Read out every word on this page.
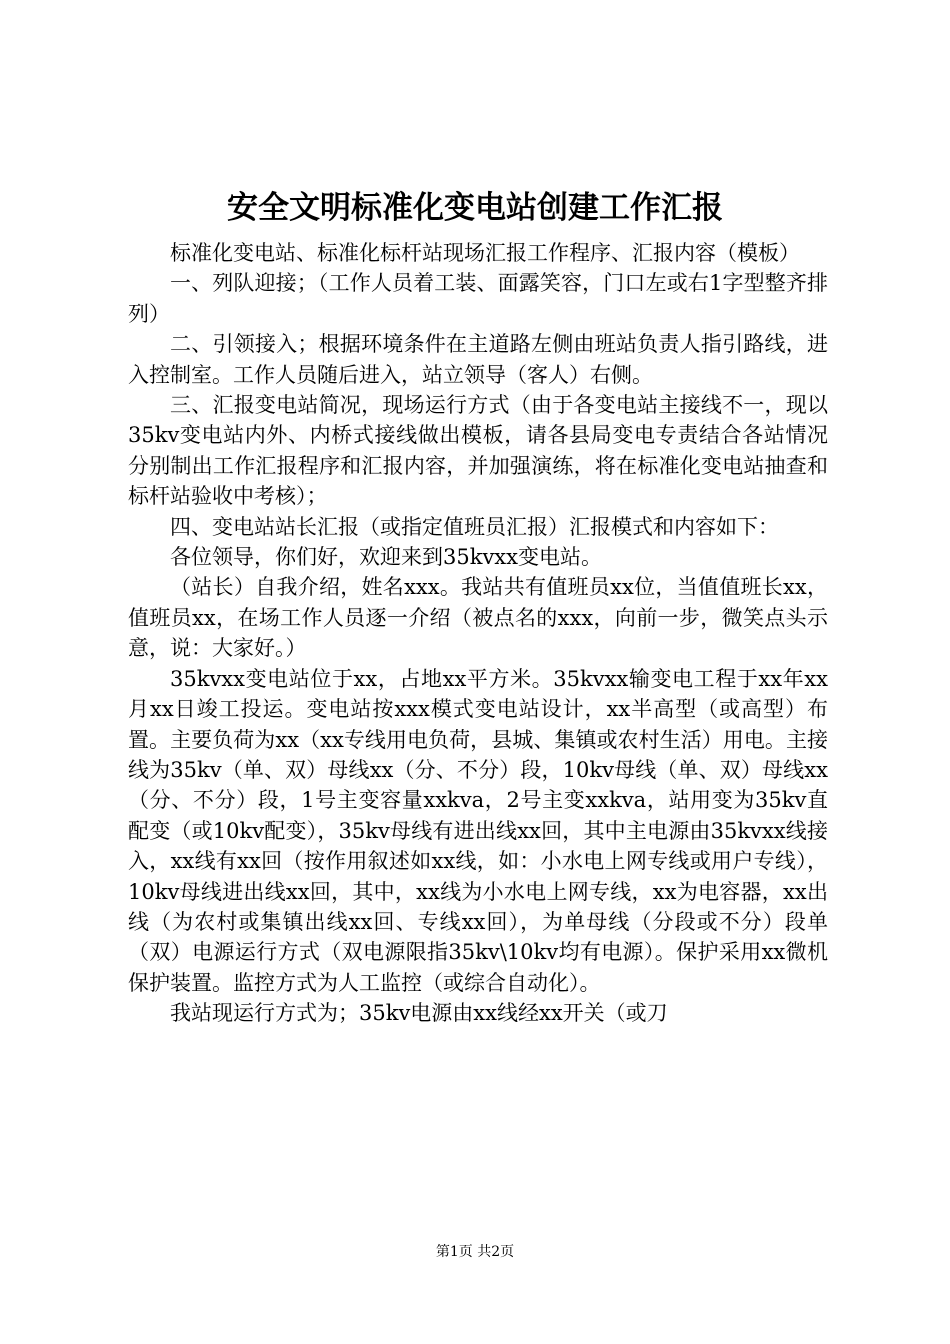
安全文明标准化变电站创建工作汇报

标准化变电站、标准化标杆站现场汇报工作程序、汇报内容（模板）

一、列队迎接；（工作人员着工装、面露笑容，门口左或右1字型整齐排列）

二、引领接入；根据环境条件在主道路左侧由班站负责人指引路线，进入控制室。工作人员随后进入，站立领导（客人）右侧。

三、汇报变电站简况，现场运行方式（由于各变电站主接线不一，现以35kv变电站内外、内桥式接线做出模板，请各县局变电专责结合各站情况分别制出工作汇报程序和汇报内容，并加强演练，将在标准化变电站抽查和标杆站验收中考核）；

四、变电站站长汇报（或指定值班员汇报）汇报模式和内容如下：

各位领导，你们好，欢迎来到35kvxx变电站。

（站长）自我介绍，姓名xxx。我站共有值班员xx位，当值值班长xx，值班员xx，在场工作人员逐一介绍（被点名的xxx，向前一步，微笑点头示意，说：大家好。）

35kvxx变电站位于xx，占地xx平方米。35kvxx输变电工程于xx年xx月xx日竣工投运。变电站按xxx模式变电站设计，xx半高型（或高型）布置。主要负荷为xx（xx专线用电负荷，县城、集镇或农村生活）用电。主接线为35kv（单、双）母线xx（分、不分）段，10kv母线（单、双）母线xx（分、不分）段，1号主变容量xxkva，2号主变xxkva，站用变为35kv直配变（或10kv配变），35kv母线有进出线xx回，其中主电源由35kvxx线接入，xx线有xx回（按作用叙述如xx线，如：小水电上网专线或用户专线），10kv母线进出线xx回，其中，xx线为小水电上网专线，xx为电容器，xx出线（为农村或集镇出线xx回、专线xx回），为单母线（分段或不分）段单（双）电源运行方式（双电源限指35kv\10kv均有电源）。保护采用xx微机保护装置。监控方式为人工监控（或综合自动化）。

我站现运行方式为；35kv电源由xx线经xx开关（或刀

第1页 共2页
